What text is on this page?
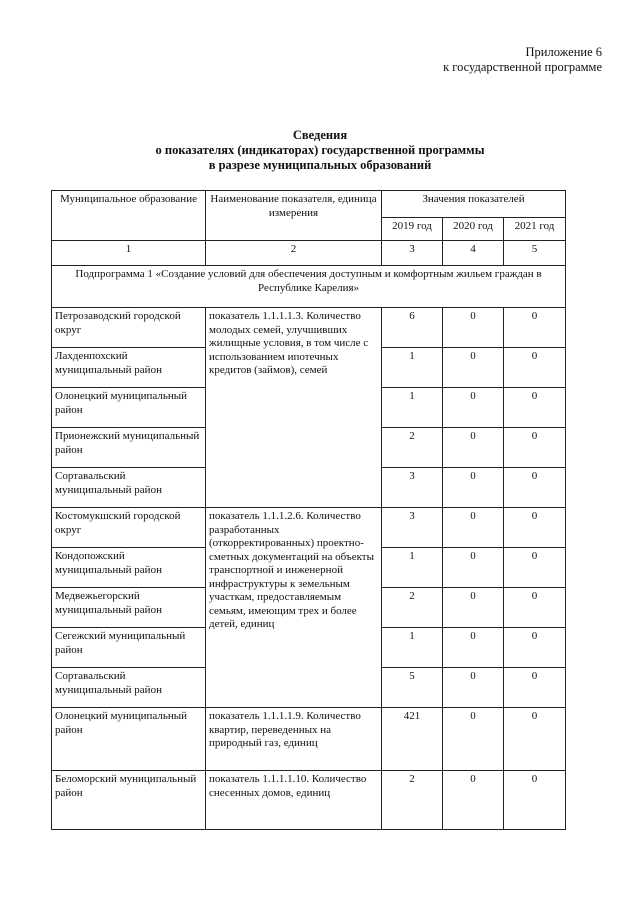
Приложение 6
к государственной программе
Сведения
о показателях (индикаторах) государственной программы
в разрезе муниципальных образований
Муниципальное образование	Наименование показателя, единица измерения	Значения показателей		
		2019 год	2020 год	2021 год
1	2	3	4	5
Подпрограмма 1 «Создание условий для обеспечения доступным и комфортным жильем граждан в Республике Карелия»				
Петрозаводский городской округ	показатель 1.1.1.1.3. Количество молодых семей, улучшивших жилищные условия, в том числе с использованием ипотечных кредитов (займов), семей	6	0	0
Лахденпохский муниципальный район		1	0	0
Олонецкий муниципальный район		1	0	0
Прионежский муниципальный район		2	0	0
Сортавальский муниципальный район		3	0	0
Костомукшский городской округ	показатель 1.1.1.2.6. Количество разработанных (откорректированных) проектно-сметных документаций на объекты транспортной и инженерной инфраструктуры к земельным участкам, предоставляемым семьям, имеющим трех и более детей, единиц	3	0	0
Кондопожский муниципальный район		1	0	0
Медвежьегорский муниципальный район		2	0	0
Сегежский муниципальный район		1	0	0
Сортавальский муниципальный район		5	0	0
Олонецкий муниципальный район	показатель 1.1.1.1.9. Количество квартир, переведенных на природный газ, единиц	421	0	0
Беломорский муниципальный район	показатель 1.1.1.1.10. Количество снесенных домов, единиц	2	0	0
